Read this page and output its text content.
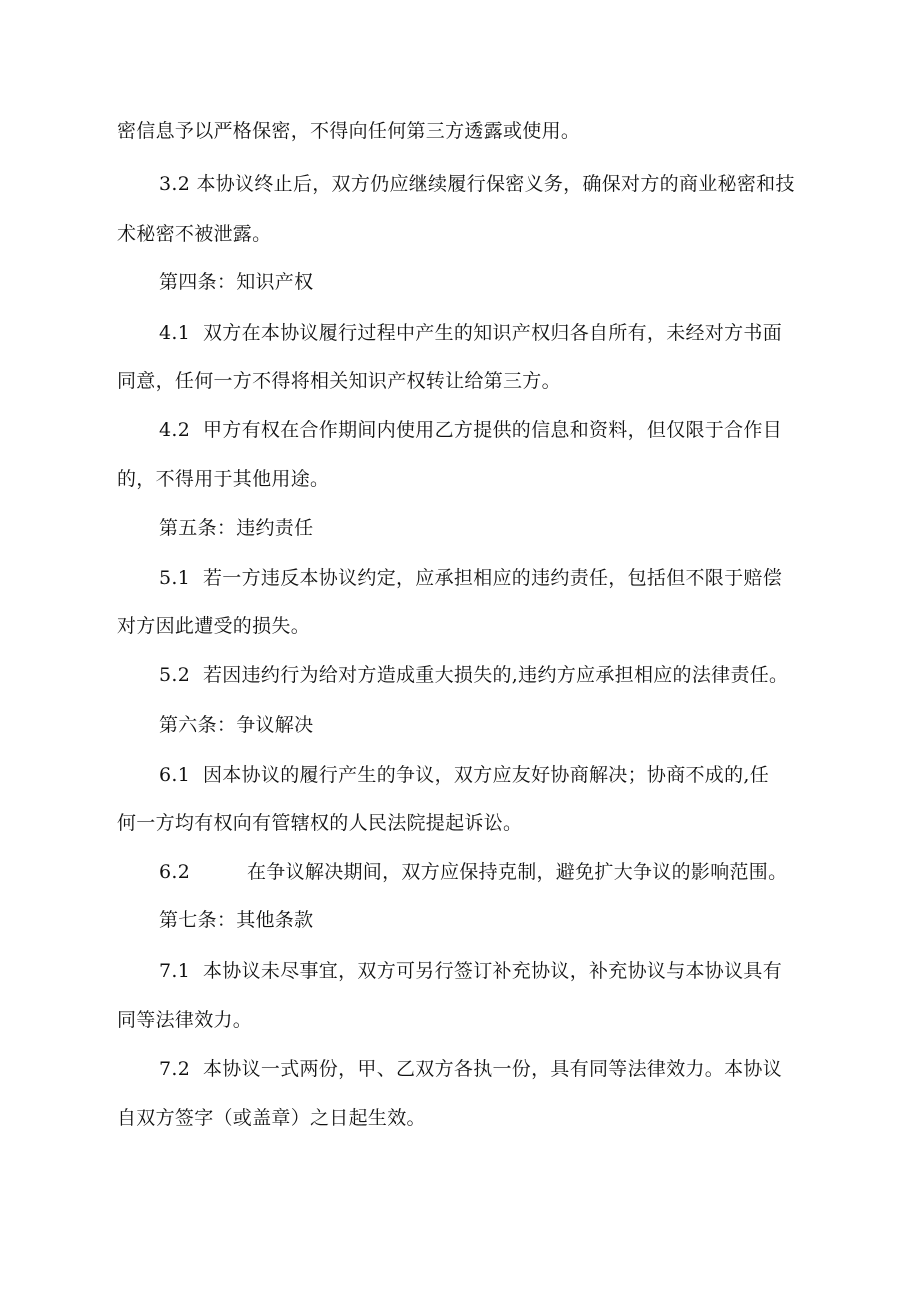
密信息予以严格保密，不得向任何第三方透露或使用。
3.2 本协议终止后，双方仍应继续履行保密义务，确保对方的商业秘密和技
术秘密不被泄露。
第四条：知识产权
4.1 双方在本协议履行过程中产生的知识产权归各自所有，未经对方书面
同意，任何一方不得将相关知识产权转让给第三方。
4.2 甲方有权在合作期间内使用乙方提供的信息和资料，但仅限于合作目
的，不得用于其他用途。
第五条：违约责任
5.1 若一方违反本协议约定，应承担相应的违约责任，包括但不限于赔偿
对方因此遭受的损失。
5.2 若因违约行为给对方造成重大损失的,违约方应承担相应的法律责任。
第六条：争议解决
6.1 因本协议的履行产生的争议，双方应友好协商解决；协商不成的,任
何一方均有权向有管辖权的人民法院提起诉讼。
6.2	在争议解决期间，双方应保持克制，避免扩大争议的影响范围。
第七条：其他条款
7.1 本协议未尽事宜，双方可另行签订补充协议，补充协议与本协议具有
同等法律效力。
7.2 本协议一式两份，甲、乙双方各执一份，具有同等法律效力。本协议
自双方签字（或盖章）之日起生效。
